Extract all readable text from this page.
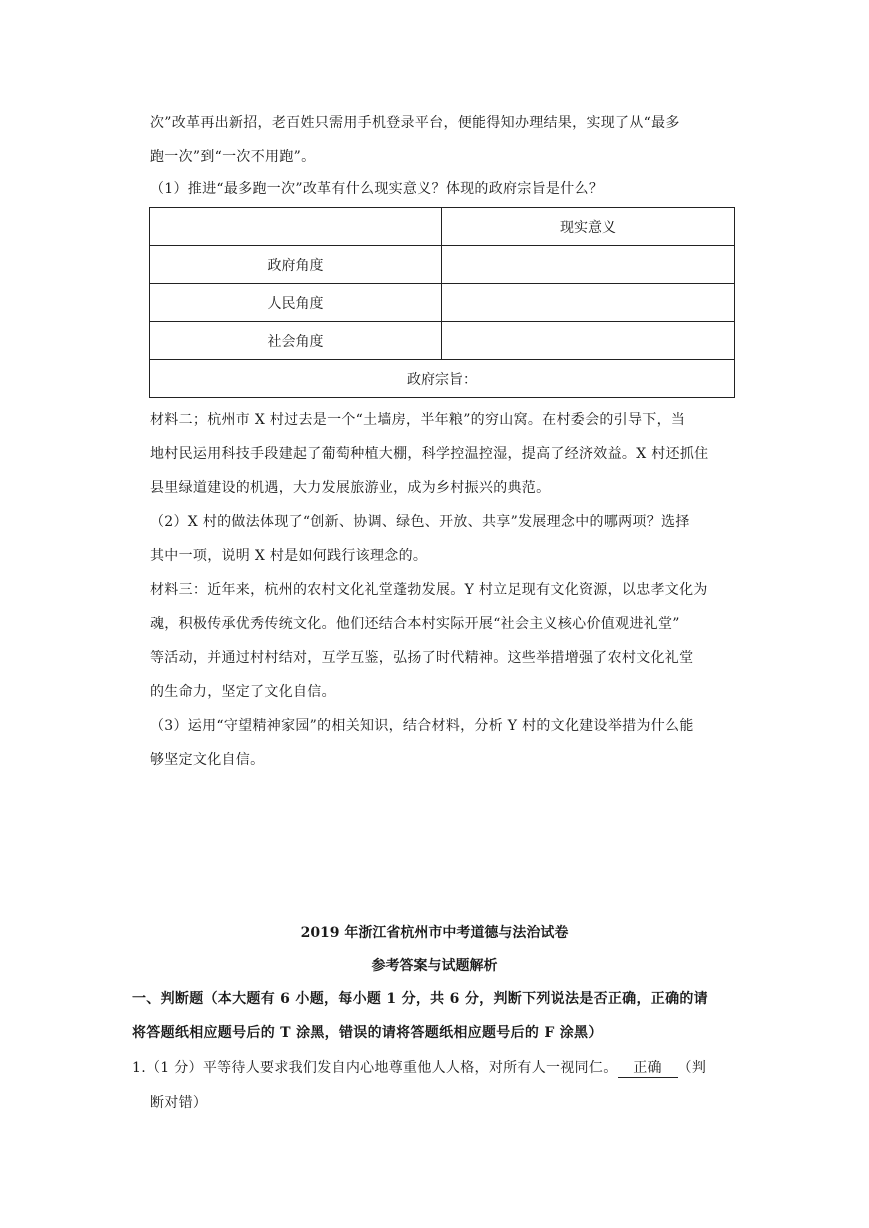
次”改革再出新招，老百姓只需用手机登录平台，便能得知办理结果，实现了从“最多

跑一次”到“一次不用跑”。

（1）推进“最多跑一次”改革有什么现实意义？体现的政府宗旨是什么？

	现实意义
政府角度	
人民角度	
社会角度	
政府宗旨：	

材料二；杭州市 X 村过去是一个“土墙房，半年粮”的穷山窝。在村委会的引导下，当

地村民运用科技手段建起了葡萄种植大棚，科学控温控湿，提高了经济效益。X 村还抓住

县里绿道建设的机遇，大力发展旅游业，成为乡村振兴的典范。

（2）X 村的做法体现了“创新、协调、绿色、开放、共享”发展理念中的哪两项？选择

其中一项，说明 X 村是如何践行该理念的。

材料三：近年来，杭州的农村文化礼堂蓬勃发展。Y 村立足现有文化资源，以忠孝文化为

魂，积极传承优秀传统文化。他们还结合本村实际开展“社会主义核心价值观进礼堂”

等活动，并通过村村结对，互学互鉴，弘扬了时代精神。这些举措增强了农村文化礼堂

的生命力，坚定了文化自信。

（3）运用“守望精神家园”的相关知识，结合材料，分析 Y 村的文化建设举措为什么能

够坚定文化自信。

2019 年浙江省杭州市中考道德与法治试卷

参考答案与试题解析

一、判断题（本大题有 6 小题，每小题 1 分，共 6 分，判断下列说法是否正确，正确的请

将答题纸相应题号后的 T 涂黑，错误的请将答题纸相应题号后的 F 涂黑）

1.（1 分）平等待人要求我们发自内心地尊重他人人格，对所有人一视同仁。 正确 （判

断对错）
